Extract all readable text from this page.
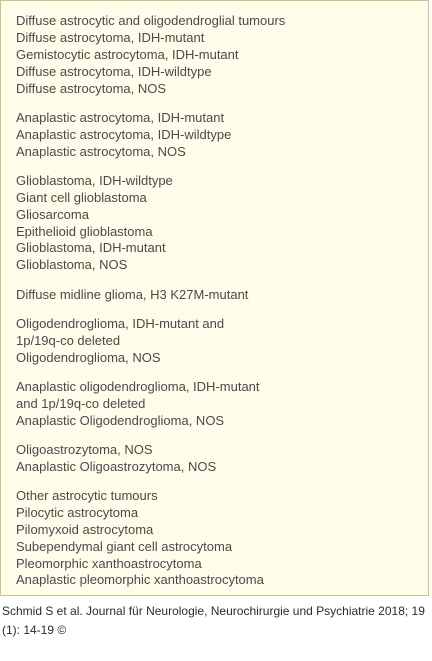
Diffuse astrocytic and oligodendroglial tumours
Diffuse astrocytoma, IDH-mutant
Gemistocytic astrocytoma, IDH-mutant
Diffuse astrocytoma, IDH-wildtype
Diffuse astrocytoma, NOS
Anaplastic astrocytoma, IDH-mutant
Anaplastic astrocytoma, IDH-wildtype
Anaplastic astrocytoma, NOS
Glioblastoma, IDH-wildtype
Giant cell glioblastoma
Gliosarcoma
Epithelioid glioblastoma
Glioblastoma, IDH-mutant
Glioblastoma, NOS
Diffuse midline glioma, H3 K27M-mutant
Oligodendroglioma, IDH-mutant and
1p/19q-co deleted
Oligodendroglioma, NOS
Anaplastic oligodendroglioma, IDH-mutant
and 1p/19q-co deleted
Anaplastic Oligodendroglioma, NOS
Oligoastrozytoma, NOS
Anaplastic Oligoastrozytoma, NOS
Other astrocytic tumours
Pilocytic astrocytoma
Pilomyxoid astrocytoma
Subependymal giant cell astrocytoma
Pleomorphic xanthoastrocytoma
Anaplastic pleomorphic xanthoastrocytoma
Schmid S et al. Journal für Neurologie, Neurochirurgie und Psychiatrie 2018; 19 (1): 14-19 ©
